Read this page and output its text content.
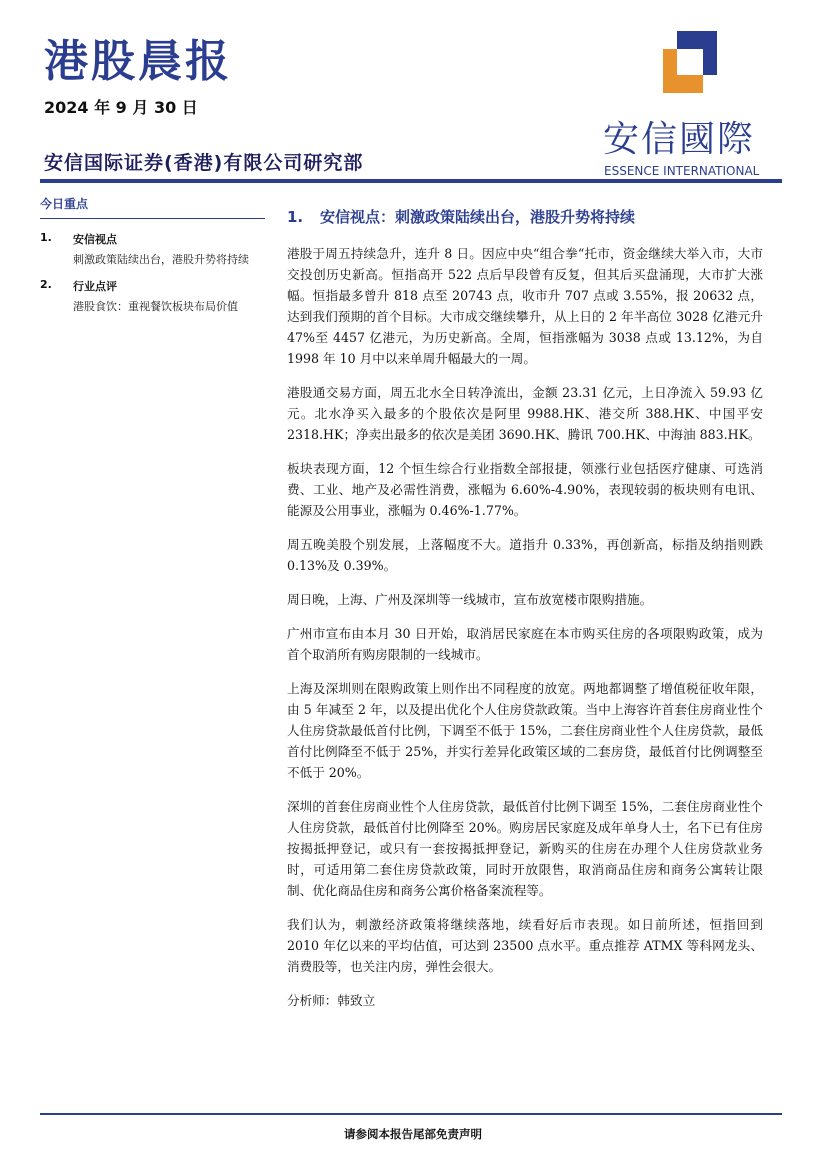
港股晨报
2024 年 9 月 30 日
安信国际证券(香港)有限公司研究部
安信國際
ESSENCE INTERNATIONAL
今日重点
1.	安信视点
刺激政策陆续出台，港股升势将持续
2.	行业点评
港股食饮：重视餐饮板块布局价值
1. 安信视点：刺激政策陆续出台，港股升势将持续

港股于周五持续急升，连升 8 日。因应中央“组合拳“托市，资金继续大举入市，大市交投创历史新高。恒指高开 522 点后早段曾有反复，但其后买盘涌现，大市扩大涨幅。恒指最多曾升 818 点至 20743 点，收市升 707 点或 3.55%，报 20632 点，达到我们预期的首个目标。大市成交继续攀升，从上日的 2 年半高位 3028 亿港元升 47%至 4457 亿港元，为历史新高。全周，恒指涨幅为 3038 点或 13.12%，为自 1998 年 10 月中以来单周升幅最大的一周。

港股通交易方面，周五北水全日转净流出，金额 23.31 亿元，上日净流入 59.93 亿元。北水净买入最多的个股依次是阿里 9988.HK、港交所 388.HK、中国平安 2318.HK；净卖出最多的依次是美团 3690.HK、腾讯 700.HK、中海油 883.HK。

板块表现方面，12 个恒生综合行业指数全部报捷，领涨行业包括医疗健康、可选消费、工业、地产及必需性消费，涨幅为 6.60%-4.90%，表现较弱的板块则有电讯、能源及公用事业，涨幅为 0.46%-1.77%。

周五晚美股个别发展，上落幅度不大。道指升 0.33%，再创新高，标指及纳指则跌 0.13%及 0.39%。

周日晚，上海、广州及深圳等一线城市，宣布放宽楼市限购措施。

广州市宣布由本月 30 日开始，取消居民家庭在本市购买住房的各项限购政策，成为首个取消所有购房限制的一线城市。

上海及深圳则在限购政策上则作出不同程度的放宽。两地都调整了增值税征收年限，由 5 年减至 2 年，以及提出优化个人住房贷款政策。当中上海容许首套住房商业性个人住房贷款最低首付比例，下调至不低于 15%，二套住房商业性个人住房贷款，最低首付比例降至不低于 25%，并实行差异化政策区域的二套房贷，最低首付比例调整至不低于 20%。

深圳的首套住房商业性个人住房贷款，最低首付比例下调至 15%，二套住房商业性个人住房贷款，最低首付比例降至 20%。购房居民家庭及成年单身人士，名下已有住房按揭抵押登记，或只有一套按揭抵押登记，新购买的住房在办理个人住房贷款业务时，可适用第二套住房贷款政策，同时开放限售，取消商品住房和商务公寓转让限制、优化商品住房和商务公寓价格备案流程等。

我们认为，刺激经济政策将继续落地，续看好后市表现。如日前所述，恒指回到 2010 年亿以来的平均估值，可达到 23500 点水平。重点推荐 ATMX 等科网龙头、消费股等，也关注内房，弹性会很大。

分析师：韩致立
请参阅本报告尾部免责声明
